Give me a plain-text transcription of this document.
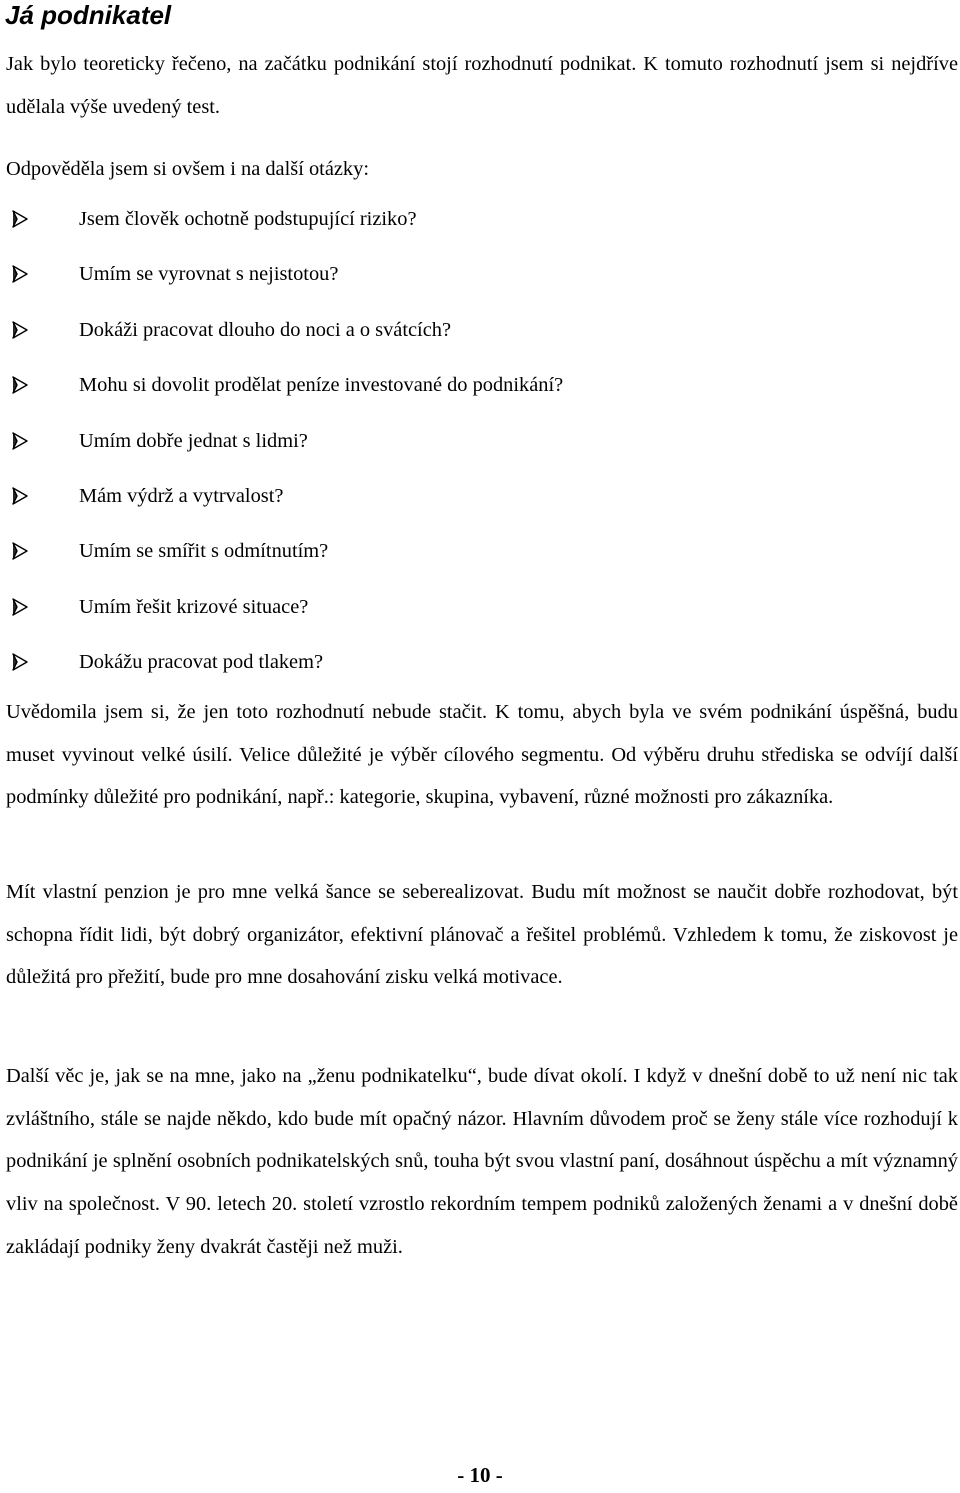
Já podnikatel

Jak bylo teoreticky řečeno, na začátku podnikání stojí rozhodnutí podnikat. K tomuto rozhodnutí jsem si nejdříve udělala výše uvedený test.

Odpověděla jsem si ovšem i na další otázky:

Jsem člověk ochotně podstupující riziko?
Umím se vyrovnat s nejistotou?
Dokáži pracovat dlouho do noci a o svátcích?
Mohu si dovolit prodělat peníze investované do podnikání?
Umím dobře jednat s lidmi?
Mám výdrž a vytrvalost?
Umím se smířit s odmítnutím?
Umím řešit krizové situace?
Dokážu pracovat pod tlakem?

Uvědomila jsem si, že jen toto rozhodnutí nebude stačit. K tomu, abych byla ve svém podnikání úspěšná, budu muset vyvinout velké úsilí. Velice důležité je výběr cílového segmentu. Od výběru druhu střediska se odvíjí další podmínky důležité pro podnikání, např.: kategorie, skupina, vybavení, různé možnosti pro zákazníka.

Mít vlastní penzion je pro mne velká šance se seberealizovat. Budu mít možnost se naučit dobře rozhodovat, být schopna řídit lidi, být dobrý organizátor, efektivní plánovač a řešitel problémů. Vzhledem k tomu, že ziskovost je důležitá pro přežití, bude pro mne dosahování zisku velká motivace.

Další věc je, jak se na mne, jako na „ženu podnikatelku“, bude dívat okolí. I když v dnešní době to už není nic tak zvláštního, stále se najde někdo, kdo bude mít opačný názor. Hlavním důvodem proč se ženy stále více rozhodují k podnikání je splnění osobních podnikatelských snů, touha být svou vlastní paní, dosáhnout úspěchu a mít významný vliv na společnost. V 90. letech 20. století vzrostlo rekordním tempem podniků založených ženami a v dnešní době zakládají podniky ženy dvakrát častěji než muži.

- 10 -
